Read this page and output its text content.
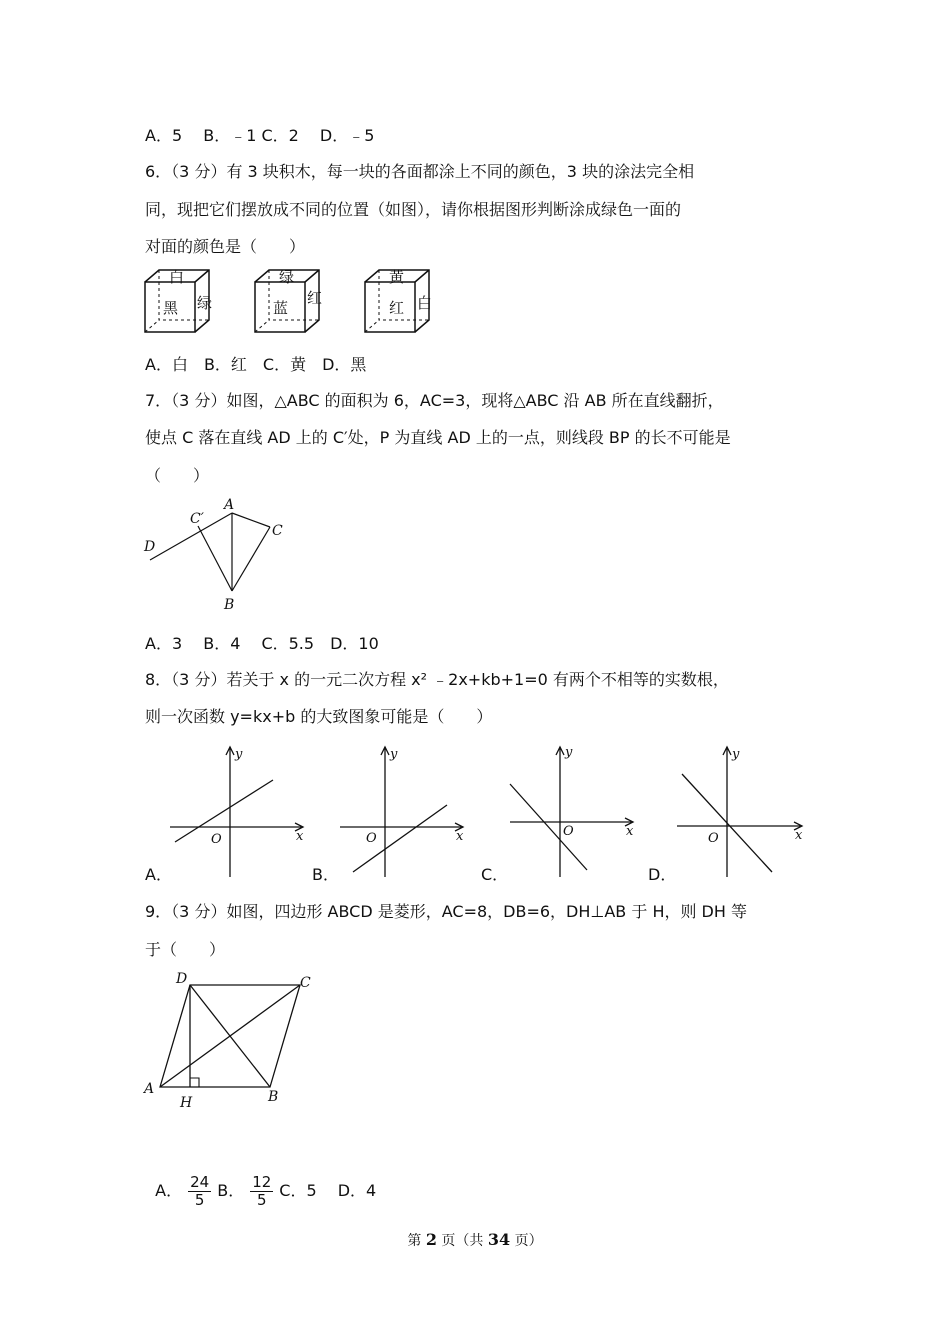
A．5　 B．﹣1 C．2　 D．﹣5
6．（3 分）有 3 块积木，每一块的各面都涂上不同的颜色，3 块的涂法完全相
同，现把它们摆放成不同的位置（如图），请你根据图形判断涂成绿色一面的
对面的颜色是（　　）
白
黑 绿
绿
蓝
红
黄
红 白
A．白　B．红　C．黄　D．黑
7．（3 分）如图，△ABC 的面积为 6，AC=3，现将△ABC 沿 AB 所在直线翻折，
使点 C 落在直线 AD 上的 C′处，P 为直线 AD 上的一点，则线段 BP 的长不可能是
（　　）
A
C′
C
D
B
A．3　 B．4　 C．5.5　D．10
8．（3 分）若关于 x 的一元二次方程 x² ﹣2x+kb+1=0 有两个不相等的实数根，
则一次函数 y=kx+b 的大致图象可能是（　　）
y
x
O
A．
y
x
O
B．
y
x
O
C．
y
x
O
D．
9．（3 分）如图，四边形 ABCD 是菱形，AC=8，DB=6，DH⊥AB 于 H，则 DH 等
于（　　）
D	C
A	B
H

A． $\frac{24}{5}$ B． $\frac{12}{5}$ C．5　 D．4

第 2 页（共 34 页）
